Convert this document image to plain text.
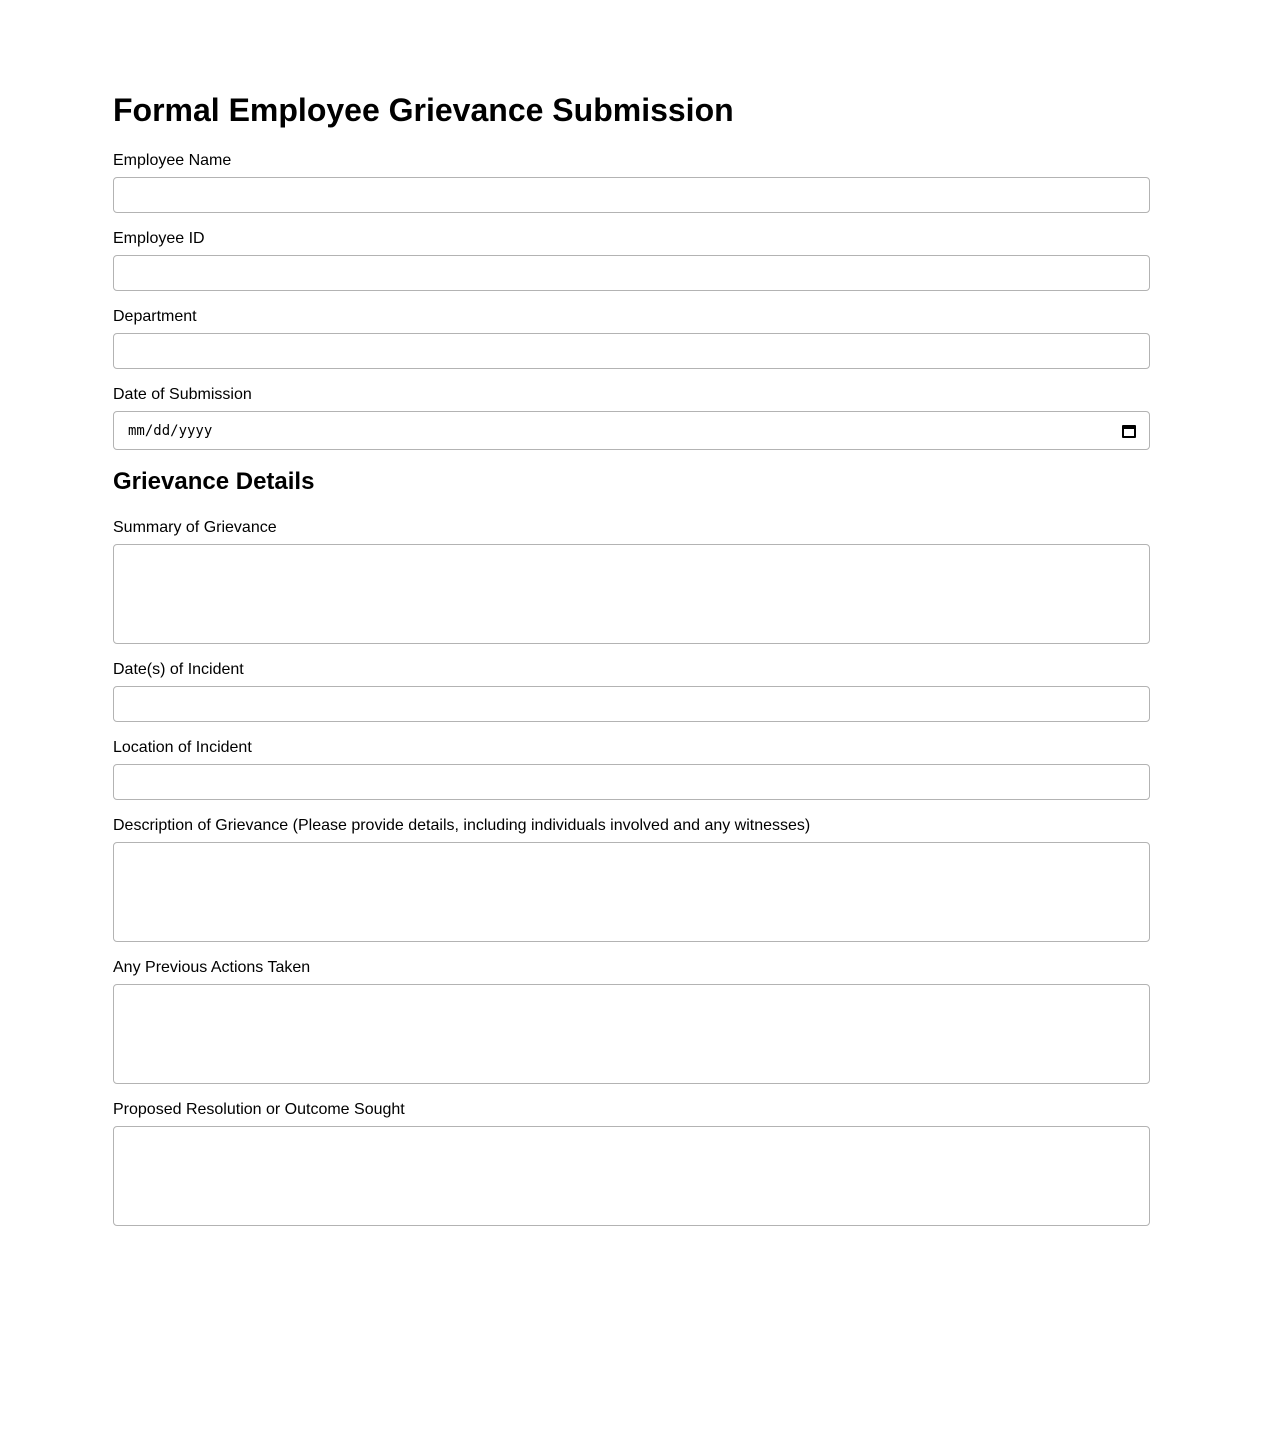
Formal Employee Grievance Submission
Employee Name
Employee ID
Department
Date of Submission
mm/dd/yyyy
Grievance Details
Summary of Grievance
Date(s) of Incident
Location of Incident
Description of Grievance (Please provide details, including individuals involved and any witnesses)
Any Previous Actions Taken
Proposed Resolution or Outcome Sought
